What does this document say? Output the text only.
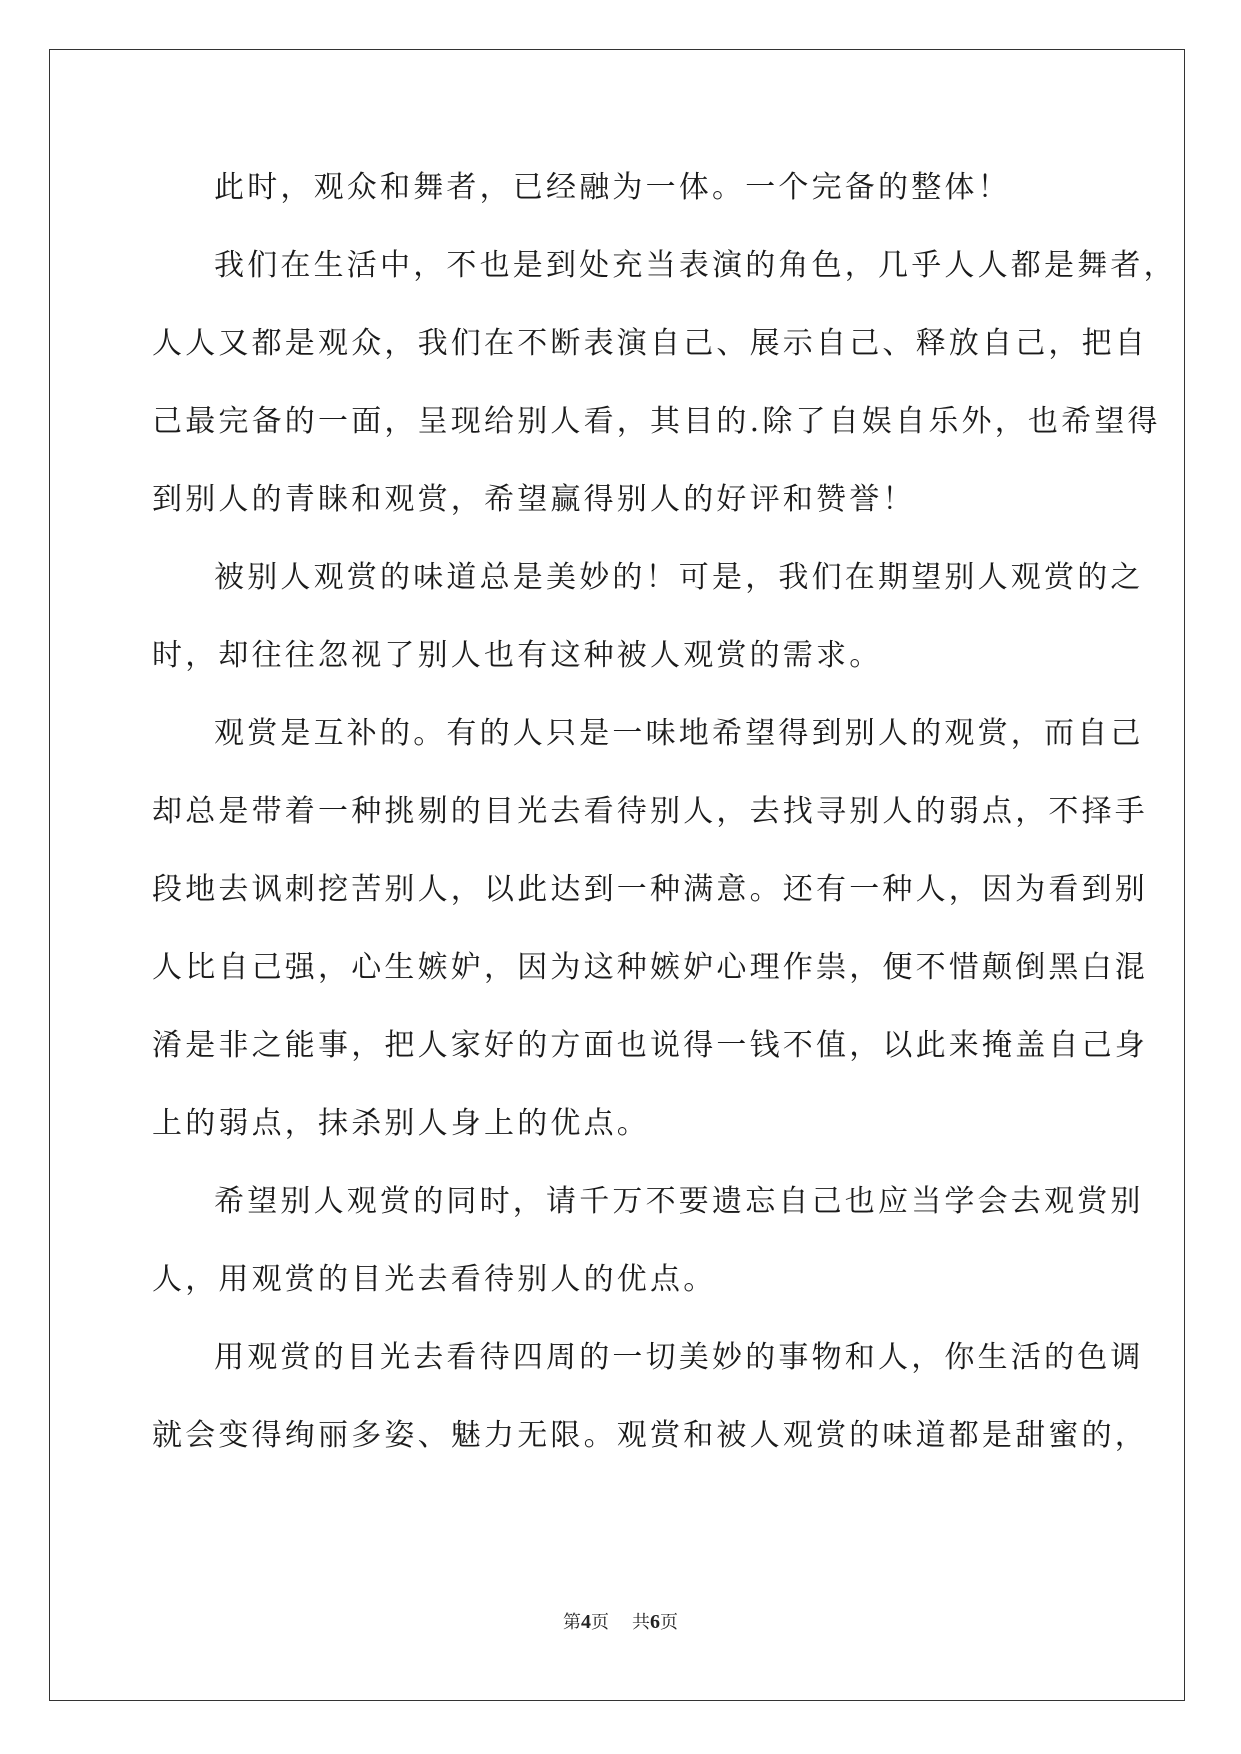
此时，观众和舞者，已经融为一体。一个完备的整体！
我们在生活中，不也是到处充当表演的角色，几乎人人都是舞者，
人人又都是观众，我们在不断表演自己、展示自己、释放自己，把自
己最完备的一面，呈现给别人看，其目的.除了自娱自乐外，也希望得
到别人的青睐和观赏，希望赢得别人的好评和赞誉！
被别人观赏的味道总是美妙的！可是，我们在期望别人观赏的之
时，却往往忽视了别人也有这种被人观赏的需求。
观赏是互补的。有的人只是一味地希望得到别人的观赏，而自己
却总是带着一种挑剔的目光去看待别人，去找寻别人的弱点，不择手
段地去讽刺挖苦别人，以此达到一种满意。还有一种人，因为看到别
人比自己强，心生嫉妒，因为这种嫉妒心理作祟，便不惜颠倒黑白混
淆是非之能事，把人家好的方面也说得一钱不值，以此来掩盖自己身
上的弱点，抹杀别人身上的优点。
希望别人观赏的同时，请千万不要遗忘自己也应当学会去观赏别
人，用观赏的目光去看待别人的优点。
用观赏的目光去看待四周的一切美妙的事物和人，你生活的色调
就会变得绚丽多姿、魅力无限。观赏和被人观赏的味道都是甜蜜的，
第4页 共6页
